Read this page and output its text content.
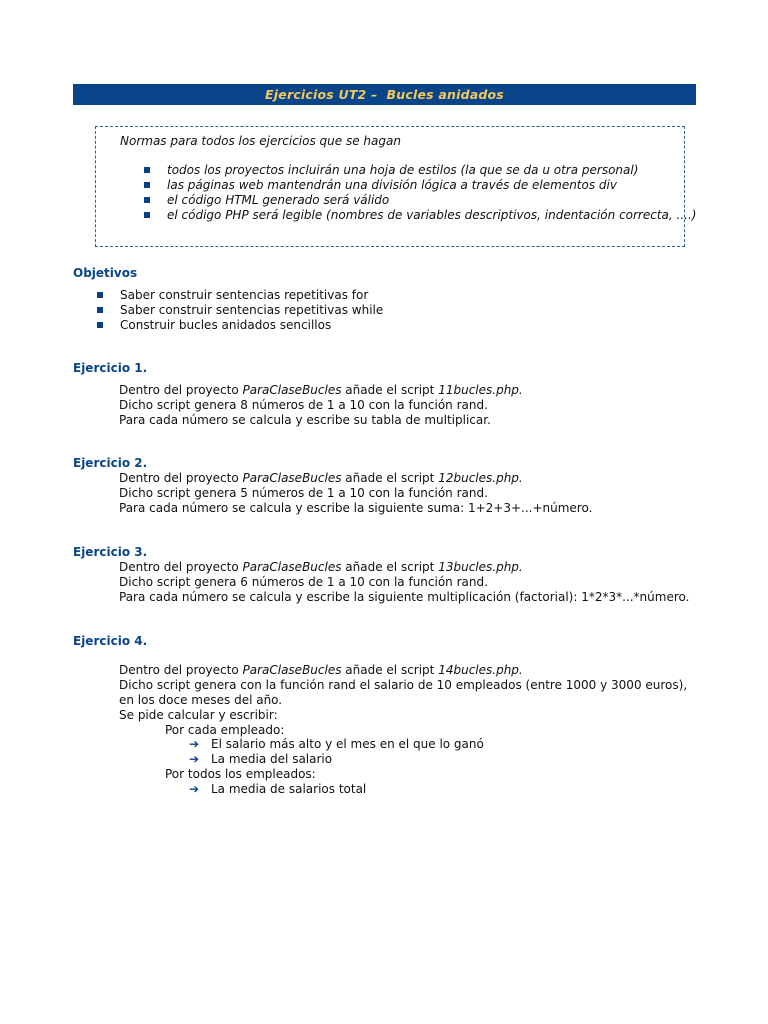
Ejercicios UT2 –  Bucles anidados
Normas para todos los ejercicios que se hagan
todos los proyectos incluirán una hoja de estilos (la que se da u otra personal)
las páginas web mantendrán una división lógica a través de elementos div
el código HTML generado será válido
el código PHP será legible (nombres de variables descriptivos, indentación correcta, ....)
Objetivos
Saber construir sentencias repetitivas for
Saber construir sentencias repetitivas while
Construir bucles anidados sencillos
Ejercicio 1.
Dentro del proyecto ParaClaseBucles añade el script 11bucles.php.
Dicho script genera 8 números de 1 a 10 con la función rand.
Para cada número se calcula y escribe su tabla de multiplicar.
Ejercicio 2.
Dentro del proyecto ParaClaseBucles añade el script 12bucles.php.
Dicho script genera 5 números de 1 a 10 con la función rand.
Para cada número se calcula y escribe la siguiente suma: 1+2+3+...+número.
Ejercicio 3.
Dentro del proyecto ParaClaseBucles añade el script 13bucles.php.
Dicho script genera 6 números de 1 a 10 con la función rand.
Para cada número se calcula y escribe la siguiente multiplicación (factorial): 1*2*3*...*número.
Ejercicio 4.
Dentro del proyecto ParaClaseBucles añade el script 14bucles.php.
Dicho script genera con la función rand el salario de 10 empleados (entre 1000 y 3000 euros), en los doce meses del año.
Se pide calcular y escribir:
Por cada empleado:
➔ El salario más alto y el mes en el que lo ganó
➔ La media del salario
Por todos los empleados:
➔ La media de salarios total
